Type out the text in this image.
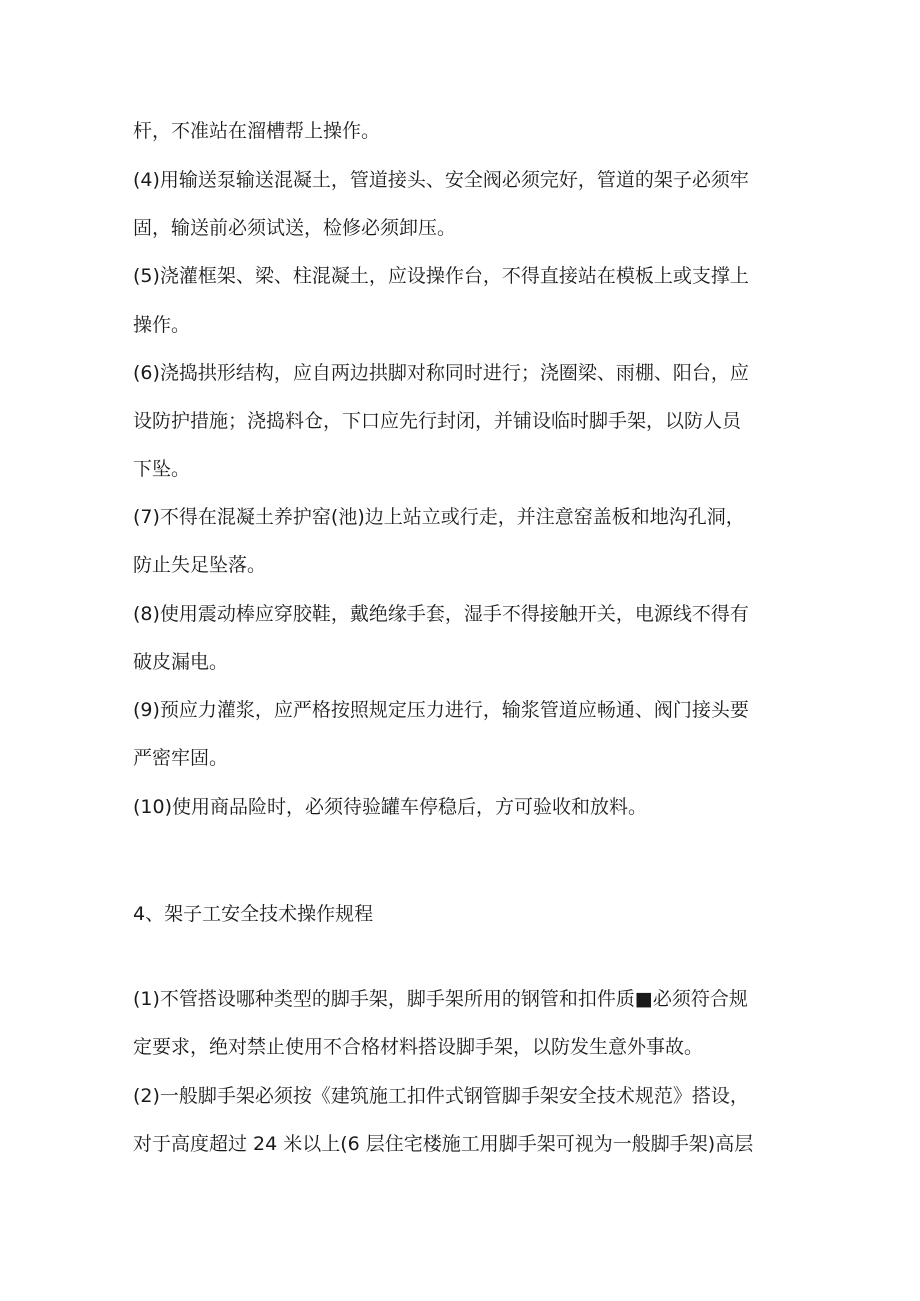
杆，不准站在溜槽帮上操作。
(4)用输送泵输送混凝土，管道接头、安全阀必须完好，管道的架子必须牢
固，输送前必须试送，检修必须卸压。
(5)浇灌框架、梁、柱混凝土，应设操作台，不得直接站在模板上或支撑上
操作。
(6)浇捣拱形结构，应自两边拱脚对称同时进行；浇圈梁、雨棚、阳台，应
设防护措施；浇捣料仓，下口应先行封闭，并铺设临时脚手架，以防人员
下坠。
(7)不得在混凝土养护窑(池)边上站立或行走，并注意窑盖板和地沟孔洞，
防止失足坠落。
(8)使用震动棒应穿胶鞋，戴绝缘手套，湿手不得接触开关，电源线不得有
破皮漏电。
(9)预应力灌浆，应严格按照规定压力进行，输浆管道应畅通、阀门接头要
严密牢固。
(10)使用商品险时，必须待验罐车停稳后，方可验收和放料。
4、架子工安全技术操作规程
(1)不管搭设哪种类型的脚手架，脚手架所用的钢管和扣件质■必须符合规
定要求，绝对禁止使用不合格材料搭设脚手架，以防发生意外事故。
(2)一般脚手架必须按《建筑施工扣件式钢管脚手架安全技术规范》搭设，
对于高度超过 24 米以上(6 层住宅楼施工用脚手架可视为一般脚手架)高层
